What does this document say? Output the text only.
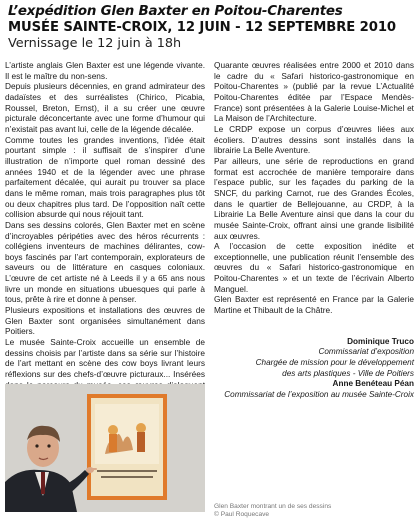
L’expédition Glen Baxter en Poitou-Charentes
MUSÉE SAINTE-CROIX, 12 JUIN - 12 SEPTEMBRE 2010
Vernissage le 12 juin à 18h

L’artiste anglais Glen Baxter est une légende vivante. Il est le maître du non-sens.

Depuis plusieurs décennies, en grand admirateur des dadaïstes et des surréalistes (Chirico, Picabia, Roussel, Breton, Ernst), il a su créer une œuvre picturale déconcertante avec une forme d’humour qui n’existait pas avant lui, celle de la légende décalée.

Comme toutes les grandes inventions, l’idée était pourtant simple : il suffisait de s’inspirer d’une illustration de n’importe quel roman dessiné des années 1940 et de la légender avec une phrase parfaitement décalée, qui aurait pu trouver sa place dans le même roman, mais trois paragraphes plus tôt ou deux chapitres plus tard. De l’opposition naît cette collision absurde qui nous réjouit tant.

Dans ses dessins colorés, Glen Baxter met en scène d’incroyables péripéties avec des héros récurrents : collégiens inventeurs de machines délirantes, cow-boys fascinés par l’art contemporain, explorateurs de saveurs ou de littérature en casques coloniaux. L’œuvre de cet artiste né à Leeds il y a 65 ans nous livre un monde en situations ubuesques qui parle à tous, prête à rire et donne à penser.

Plusieurs expositions et installations des œuvres de Glen Baxter sont organisées simultanément dans Poitiers.

Le musée Sainte-Croix accueille un ensemble de dessins choisis par l’artiste dans sa série sur l’histoire de l’art mettant en scène des cow boys livrant leurs réflexions sur des chefs-d’œuvre picturaux... Insérées

Quarante œuvres réalisées entre 2000 et 2010 dans le cadre du « Safari historico-gastronomique en Poitou-Charentes » (publié par la revue L’Actualité Poitou-Charentes éditée par l’Espace Mendès-France) sont présentées à la Galerie Louise-Michel et La Maison de l’Architecture.

Le CRDP expose un corpus d’œuvres liées aux écoliers. D’autres dessins sont installés dans la librairie La Belle Aventure.

Par ailleurs, une série de reproductions en grand format est accrochée de manière temporaire dans l’espace public, sur les façades du parking de la SNCF, du parking Carnot, rue des Grandes Écoles, dans le quartier de Bellejouanne, au CRDP, à la Librairie La Belle Aventure ainsi que dans la cour du musée Sainte-Croix, offrant ainsi une grande lisibilité aux œuvres.

A l’occasion de cette exposition inédite et exceptionnelle, une publication réunit l’ensemble des œuvres du « Safari historico-gastronomique en Poitou-Charentes » et un texte de l’écrivain Alberto Manguel.

Glen Baxter est représenté en France par la Galerie Martine et Thibault de la Châtre.

Dominique Truco
Commissariat d’exposition
Chargée de mission pour le développement
des arts plastiques - Ville de Poitiers
Anne Benéteau Péan
Commissariat de l’exposition au musée Sainte-Croix
Glen Baxter montrant un de ses dessins
© Paul Roquecave
